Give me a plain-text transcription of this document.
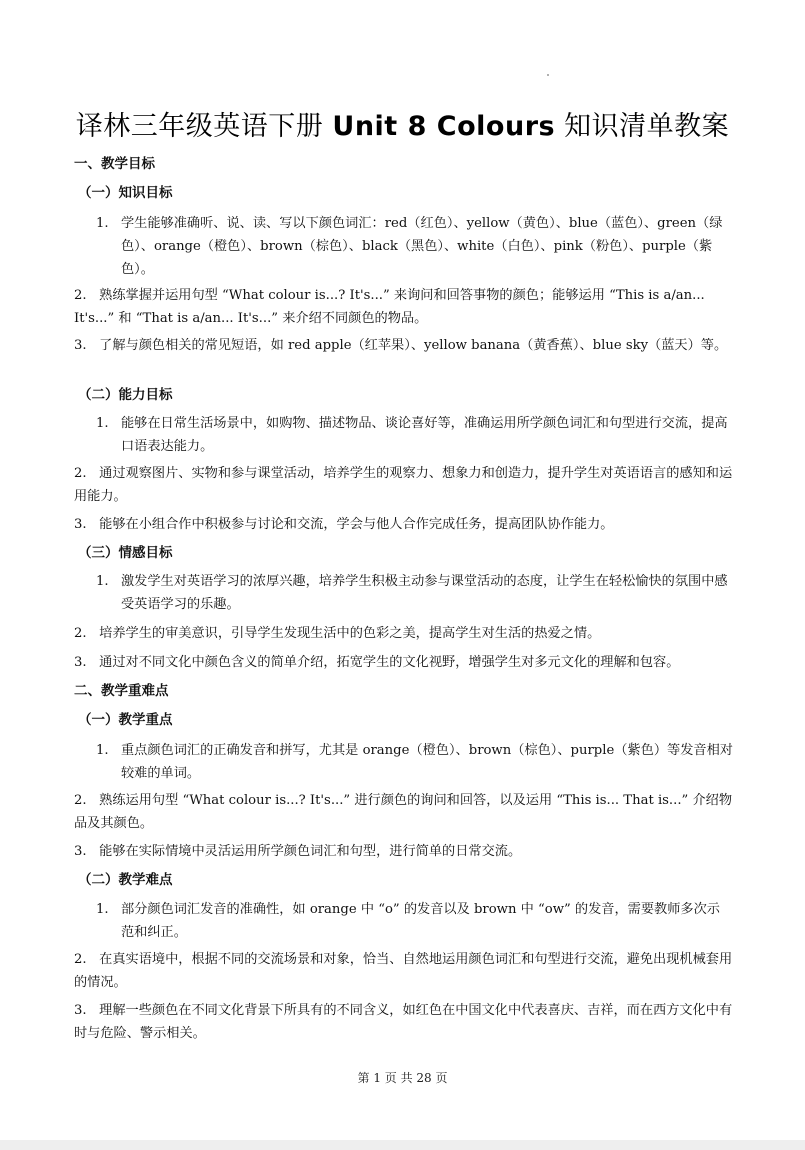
译林三年级英语下册 Unit 8 Colours 知识清单教案
一、教学目标
（一）知识目标
1. 学生能够准确听、说、读、写以下颜色词汇：red（红色）、yellow（黄色）、blue（蓝色）、green（绿色）、orange（橙色）、brown（棕色）、black（黑色）、white（白色）、pink（粉色）、purple（紫色）。
2. 熟练掌握并运用句型 “What colour is...? It's...” 来询问和回答事物的颜色；能够运用 “This is a/an... It's...” 和 “That is a/an... It's...” 来介绍不同颜色的物品。
3. 了解与颜色相关的常见短语，如 red apple（红苹果）、yellow banana（黄香蕉）、blue sky（蓝天）等。
（二）能力目标
1. 能够在日常生活场景中，如购物、描述物品、谈论喜好等，准确运用所学颜色词汇和句型进行交流，提高口语表达能力。
2. 通过观察图片、实物和参与课堂活动，培养学生的观察力、想象力和创造力，提升学生对英语语言的感知和运用能力。
3. 能够在小组合作中积极参与讨论和交流，学会与他人合作完成任务，提高团队协作能力。
（三）情感目标
1. 激发学生对英语学习的浓厚兴趣，培养学生积极主动参与课堂活动的态度，让学生在轻松愉快的氛围中感受英语学习的乐趣。
2. 培养学生的审美意识，引导学生发现生活中的色彩之美，提高学生对生活的热爱之情。
3. 通过对不同文化中颜色含义的简单介绍，拓宽学生的文化视野，增强学生对多元文化的理解和包容。
二、教学重难点
（一）教学重点
1. 重点颜色词汇的正确发音和拼写，尤其是 orange（橙色）、brown（棕色）、purple（紫色）等发音相对较难的单词。
2. 熟练运用句型 “What colour is...? It's...” 进行颜色的询问和回答，以及运用 “This is... That is...” 介绍物品及其颜色。
3. 能够在实际情境中灵活运用所学颜色词汇和句型，进行简单的日常交流。
（二）教学难点
1. 部分颜色词汇发音的准确性，如 orange 中 “o” 的发音以及 brown 中 “ow” 的发音，需要教师多次示范和纠正。
2. 在真实语境中，根据不同的交流场景和对象，恰当、自然地运用颜色词汇和句型进行交流，避免出现机械套用的情况。
3. 理解一些颜色在不同文化背景下所具有的不同含义，如红色在中国文化中代表喜庆、吉祥，而在西方文化中有时与危险、警示相关。
第 1 页 共 28 页
